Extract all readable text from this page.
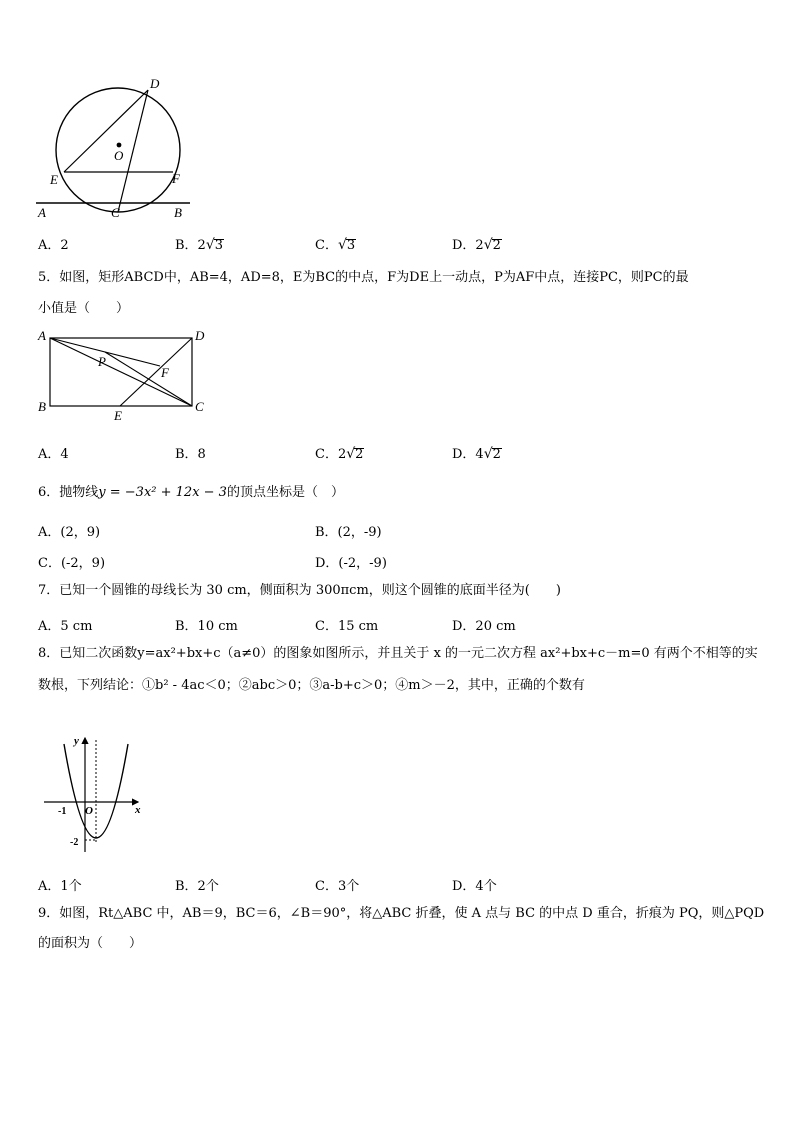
D
O
E	F
A	C	B
A．2	B．2√3	C．√3	D．2√2
5．如图，矩形ABCD中，AB=4，AD=8，E为BC的中点，F为DE上一动点，P为AF中点，连接PC，则PC的最
小值是（　　）
A	D
P
F
B
E
C
A．4	B．8	C．2√2	D．4√2
6．抛物线y = −3x² + 12x − 3的顶点坐标是（　）
A．(2，9)	B．(2，-9)
C．(-2，9)	D．(-2，-9)
7．已知一个圆锥的母线长为 30 cm，侧面积为 300πcm，则这个圆锥的底面半径为(　　)
A．5 cm	B．10 cm	C．15 cm	D．20 cm
8．已知二次函数y=ax²+bx+c（a≠0）的图象如图所示，并且关于 x 的一元二次方程 ax²+bx+c－m=0 有两个不相等的实
数根，下列结论：①b² - 4ac＜0；②abc＞0；③a-b+c＞0；④m＞－2，其中，正确的个数有
y
x
O
-1
-2
A．1个	B．2个	C．3个	D．4个
9．如图，Rt△ABC 中，AB＝9，BC＝6，∠B＝90°，将△ABC 折叠，使 A 点与 BC 的中点 D 重合，折痕为 PQ，则△PQD
的面积为（　　）
